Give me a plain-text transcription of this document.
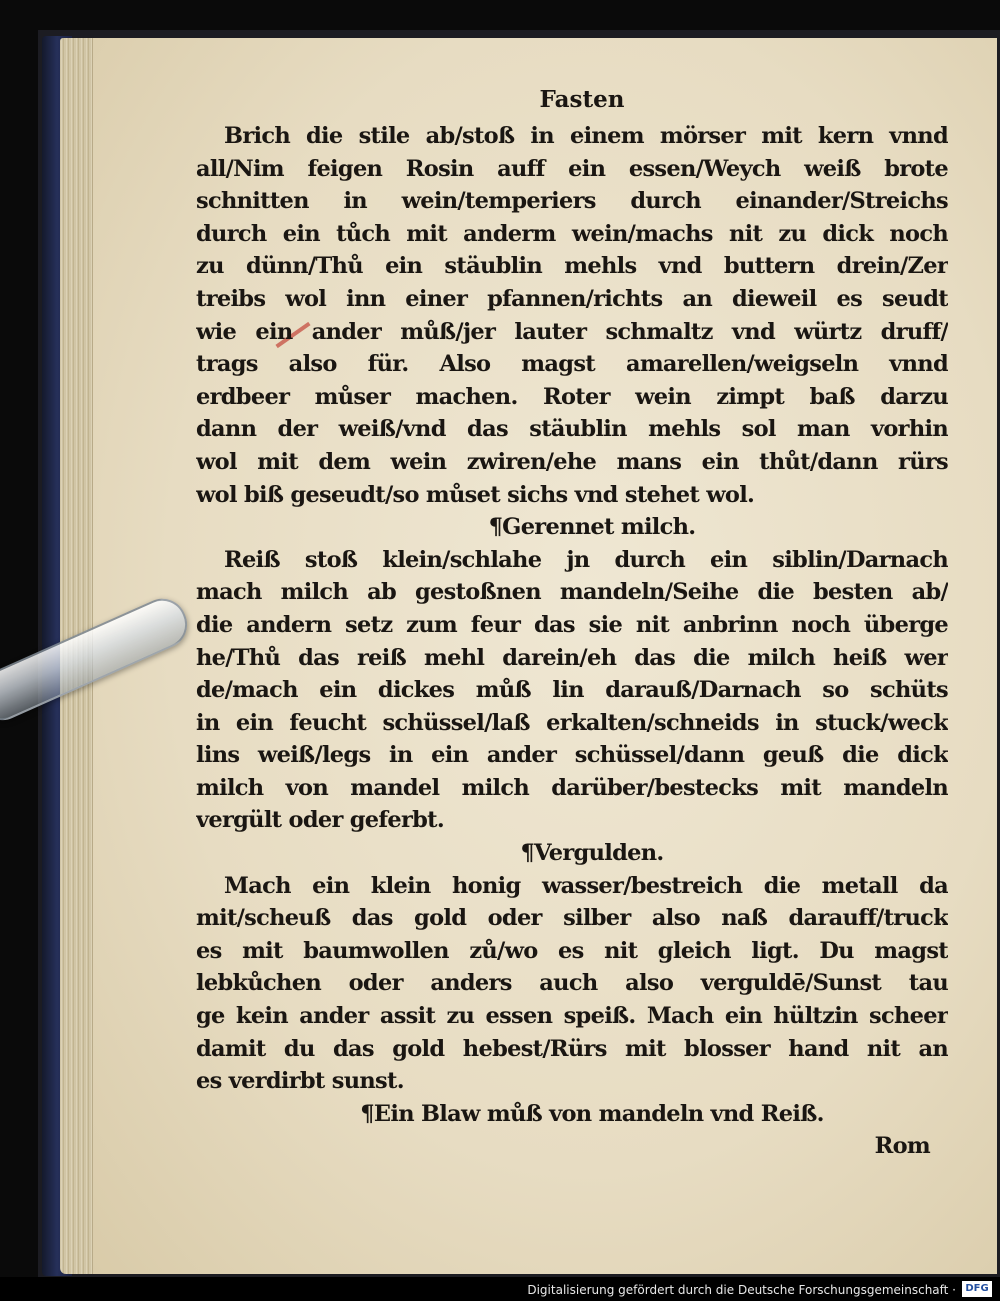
Fasten
Brich die stile ab/stoß in einem mörser mit kern vnnd
all/Nim feigen Rosin auff ein essen/Weych weiß brote
schnitten in wein/temperiers durch einander/Streichs
durch ein tůch mit anderm wein/machs nit zu dick noch
zu dünn/Thů ein stäublin mehls vnd buttern drein/Zer
treibs wol inn einer pfannen/richts an dieweil es seudt
wie ein ander můß/jer lauter schmaltz vnd würtz druff/
trags also für. Also magst amarellen/weigseln vnnd
erdbeer můser machen. Roter wein zimpt baß darzu
dann der weiß/vnd das stäublin mehls sol man vorhin
wol mit dem wein zwiren/ehe mans ein thůt/dann rürs
wol biß geseudt/so můset sichs vnd stehet wol.
¶Gerennet milch.
Reiß stoß klein/schlahe jn durch ein siblin/Darnach
mach milch ab gestoßnen mandeln/Seihe die besten ab/
die andern setz zum feur das sie nit anbrinn noch überge
he/Thů das reiß mehl darein/eh das die milch heiß wer
de/mach ein dickes můß lin darauß/Darnach so schüts
in ein feucht schüssel/laß erkalten/schneids in stuck/weck
lins weiß/legs in ein ander schüssel/dann geuß die dick
milch von mandel milch darüber/bestecks mit mandeln
vergült oder geferbt.
¶Vergulden.
Mach ein klein honig wasser/bestreich die metall da
mit/scheuß das gold oder silber also naß darauff/truck
es mit baumwollen zů/wo es nit gleich ligt. Du magst
lebkůchen oder anders auch also verguldē/Sunst tau
ge kein ander assit zu essen speiß. Mach ein hültzin scheer
damit du das gold hebest/Rürs mit blosser hand nit an
es verdirbt sunst.
¶Ein Blaw můß von mandeln vnd Reiß.
Rom
Digitalisierung gefördert durch die Deutsche Forschungsgemeinschaft · DFG
